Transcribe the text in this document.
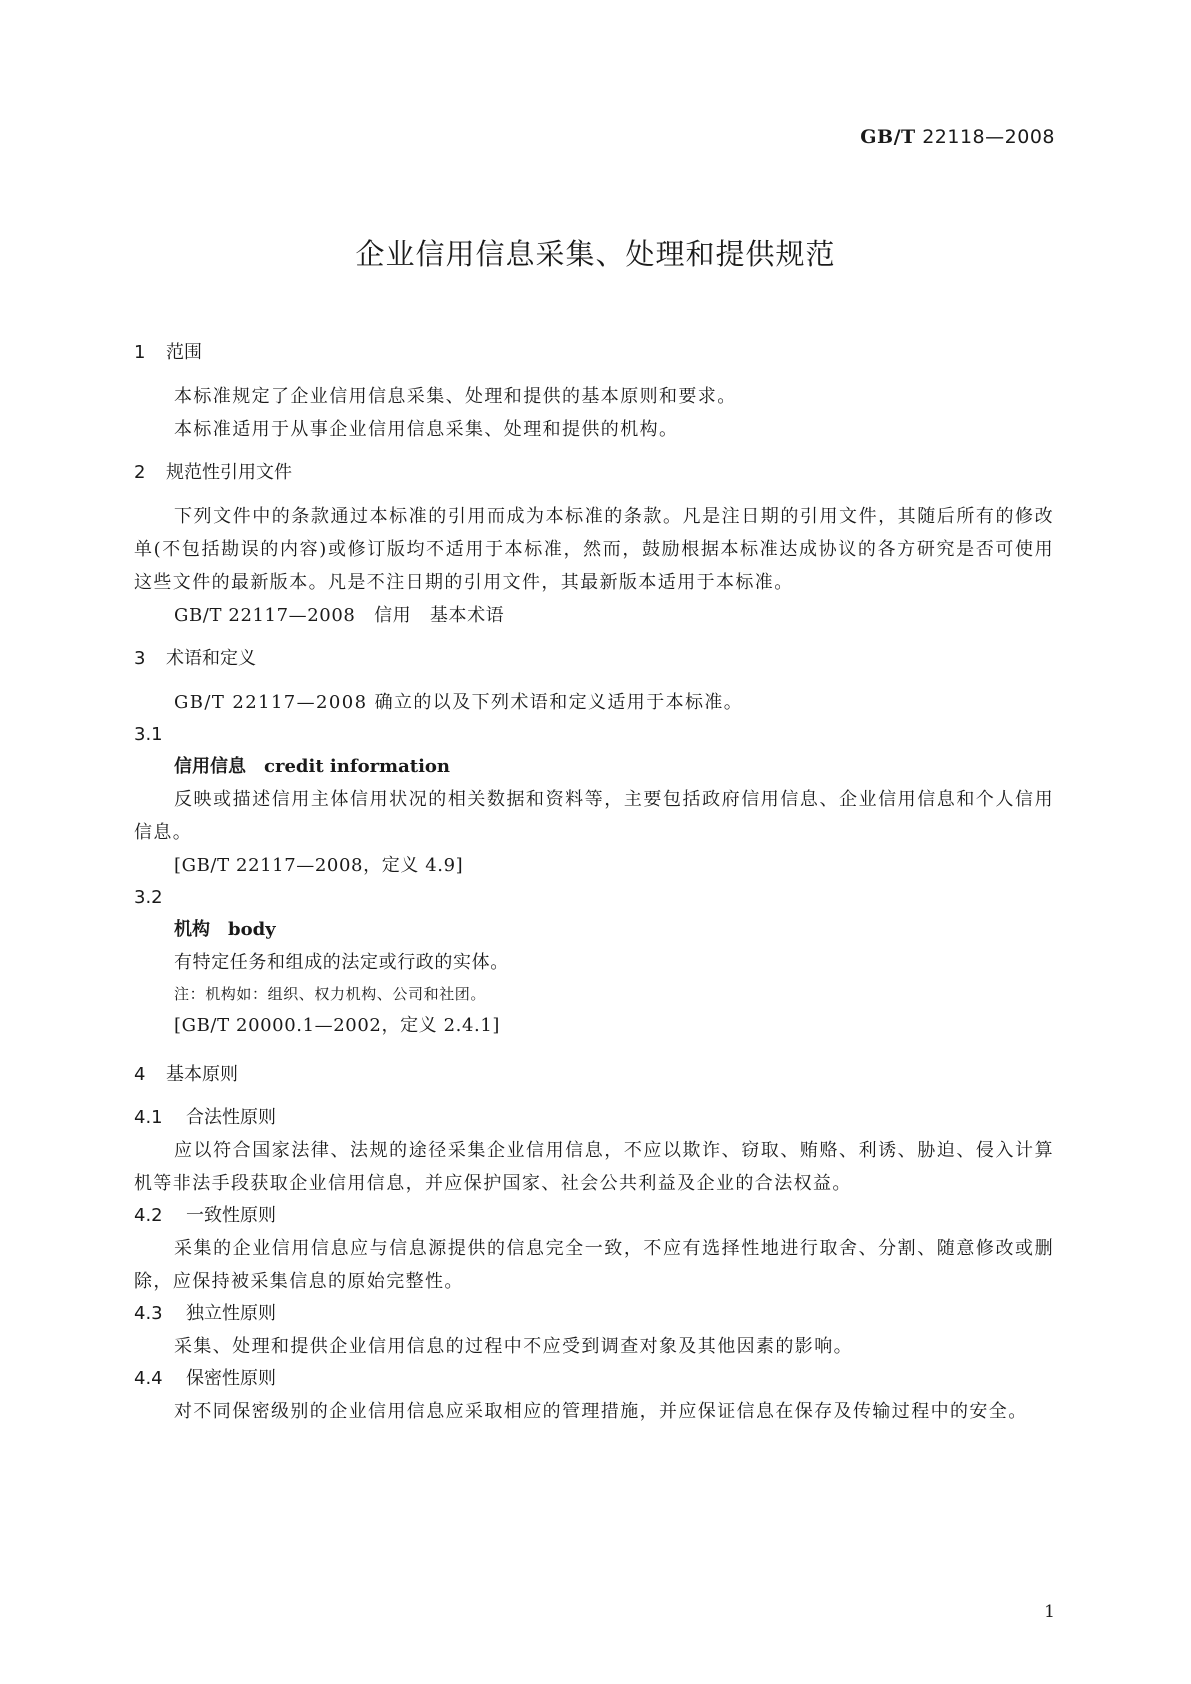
GB/T 22118—2008
企业信用信息采集、处理和提供规范
1 范围
本标准规定了企业信用信息采集、处理和提供的基本原则和要求。
本标准适用于从事企业信用信息采集、处理和提供的机构。
2 规范性引用文件
下列文件中的条款通过本标准的引用而成为本标准的条款。凡是注日期的引用文件，其随后所有的修改单(不包括勘误的内容)或修订版均不适用于本标准，然而，鼓励根据本标准达成协议的各方研究是否可使用这些文件的最新版本。凡是不注日期的引用文件，其最新版本适用于本标准。
GB/T 22117—2008　信用　基本术语
3 术语和定义
GB/T 22117—2008 确立的以及下列术语和定义适用于本标准。
3.1
信用信息 credit information
反映或描述信用主体信用状况的相关数据和资料等，主要包括政府信用信息、企业信用信息和个人信用信息。
[GB/T 22117—2008，定义 4.9]
3.2
机构 body
有特定任务和组成的法定或行政的实体。
注：机构如：组织、权力机构、公司和社团。
[GB/T 20000.1—2002，定义 2.4.1]
4 基本原则
4.1 合法性原则
应以符合国家法律、法规的途径采集企业信用信息，不应以欺诈、窃取、贿赂、利诱、胁迫、侵入计算机等非法手段获取企业信用信息，并应保护国家、社会公共利益及企业的合法权益。
4.2 一致性原则
采集的企业信用信息应与信息源提供的信息完全一致，不应有选择性地进行取舍、分割、随意修改或删除，应保持被采集信息的原始完整性。
4.3 独立性原则
采集、处理和提供企业信用信息的过程中不应受到调查对象及其他因素的影响。
4.4 保密性原则
对不同保密级别的企业信用信息应采取相应的管理措施，并应保证信息在保存及传输过程中的安全。
1
